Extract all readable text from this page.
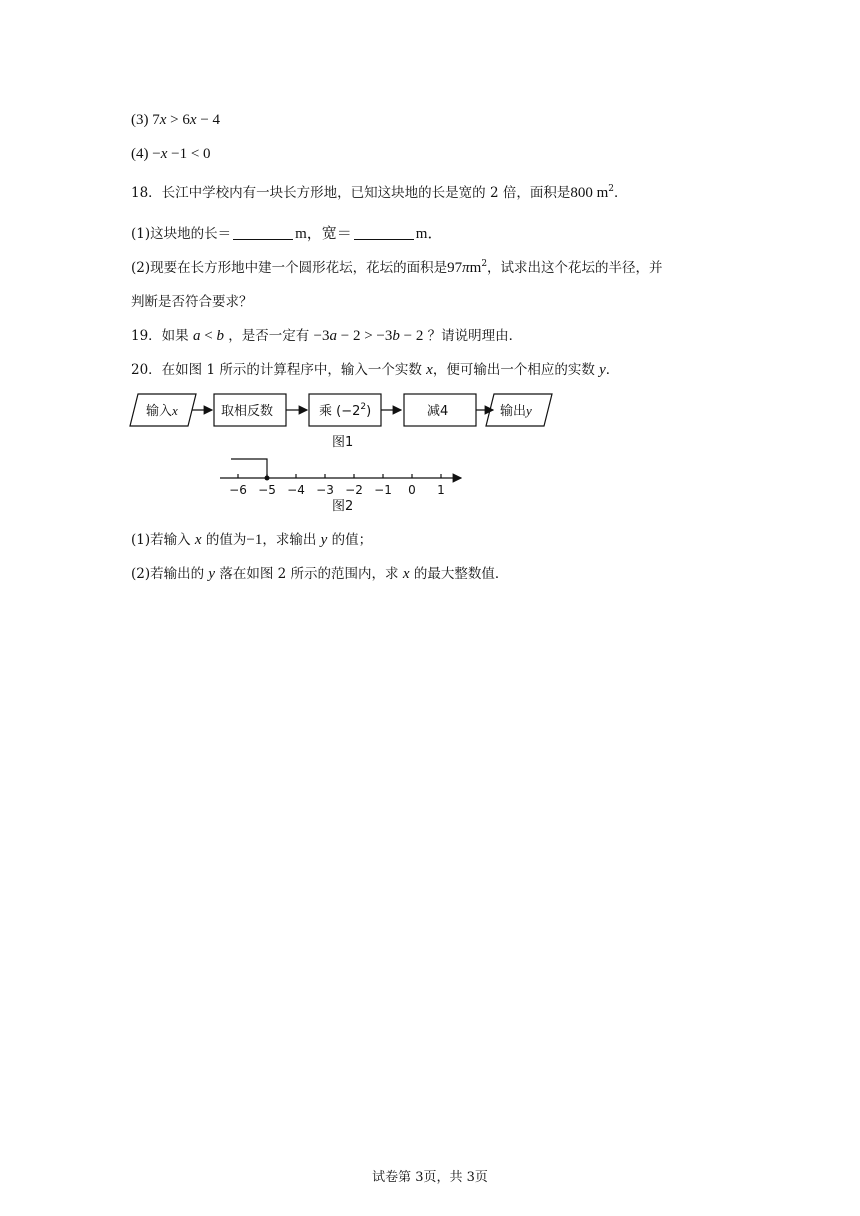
(3) 7x > 6x − 4
(4) −x −1 < 0
18．长江中学校内有一块长方形地，已知这块地的长是宽的 2 倍，面积是800 $m^2$．
(1)这块地的长＝	m，宽＝	m．
(2)现要在长方形地中建一个圆形花坛，花坛的面积是$97\pi m^2$，试求出这个花坛的半径，并
判断是否符合要求？
19．如果 a < b ，是否一定有 −3a − 2 > −3b − 2 ？请说明理由．
20．在如图 1 所示的计算程序中，输入一个实数 x，便可输出一个相应的实数 y．
输入x	取相反数	乘 $(-2^2)$	减4	输出y
图1
−6 −5 −4 −3 −2 −1 0 1
图2
(1)若输入 x 的值为−1，求输出 y 的值；
(2)若输出的 y 落在如图 2 所示的范围内，求 x 的最大整数值．
试卷第 3页，共 3页
